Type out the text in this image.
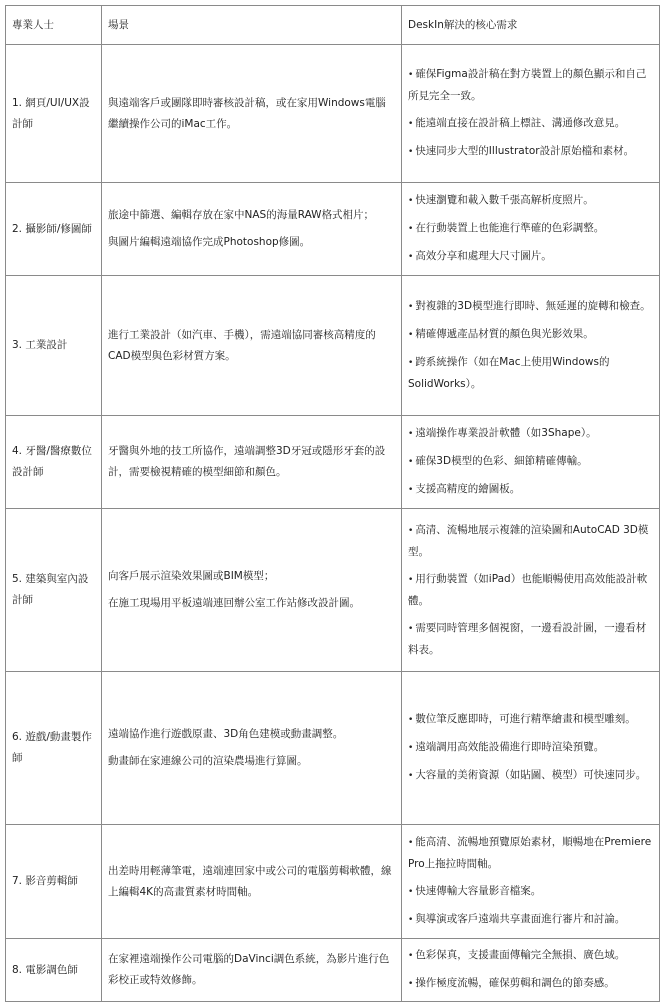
專業人士	場景	DeskIn解決的核心需求
1. 網頁/UI/UX設計師	與遠端客戶或團隊即時審核設計稿，或在家用Windows電腦繼續操作公司的iMac工作。	• 確保Figma設計稿在對方裝置上的顏色顯示和自己所見完全一致。
• 能遠端直接在設計稿上標註、溝通修改意見。
• 快速同步大型的Illustrator設計原始檔和素材。

2. 攝影師/修圖師	旅途中篩選、編輯存放在家中NAS的海量RAW格式相片；
與圖片編輯遠端協作完成Photoshop修圖。	• 快速瀏覽和載入數千張高解析度照片。
• 在行動裝置上也能進行準確的色彩調整。
• 高效分享和處理大尺寸圖片。

3. 工業設計	進行工業設計（如汽車、手機），需遠端協同審核高精度的CAD模型與色彩材質方案。	• 對複雜的3D模型進行即時、無延遲的旋轉和檢查。
• 精確傳遞產品材質的顏色與光影效果。
• 跨系統操作（如在Mac上使用Windows的SolidWorks）。

4. 牙醫/醫療數位設計師	牙醫與外地的技工所協作，遠端調整3D牙冠或隱形牙套的設計，需要檢視精確的模型細節和顏色。	• 遠端操作專業設計軟體（如3Shape）。
• 確保3D模型的色彩、細節精確傳輸。
• 支援高精度的繪圖板。

5. 建築與室內設計師	向客戶展示渲染效果圖或BIM模型；
在施工現場用平板遠端連回辦公室工作站修改設計圖。	• 高清、流暢地展示複雜的渲染圖和AutoCAD 3D模型。
• 用行動裝置（如iPad）也能順暢使用高效能設計軟體。
• 需要同時管理多個視窗，一邊看設計圖，一邊看材料表。

6. 遊戲/動畫製作師	遠端協作進行遊戲原畫、3D角色建模或動畫調整。
動畫師在家連線公司的渲染農場進行算圖。	• 數位筆反應即時，可進行精準繪畫和模型雕刻。
• 遠端調用高效能設備進行即時渲染預覽。
• 大容量的美術資源（如貼圖、模型）可快速同步。

7. 影音剪輯師	出差時用輕薄筆電，遠端連回家中或公司的電腦剪輯軟體，線上編輯4K的高畫質素材時間軸。	• 能高清、流暢地預覽原始素材，順暢地在Premiere Pro上拖拉時間軸。
• 快速傳輸大容量影音檔案。
• 與導演或客戶遠端共享畫面進行審片和討論。

8. 電影調色師	在家裡遠端操作公司電腦的DaVinci調色系統，為影片進行色彩校正或特效修飾。	• 色彩保真，支援畫面傳輸完全無損、廣色域。
• 操作極度流暢，確保剪輯和調色的節奏感。
